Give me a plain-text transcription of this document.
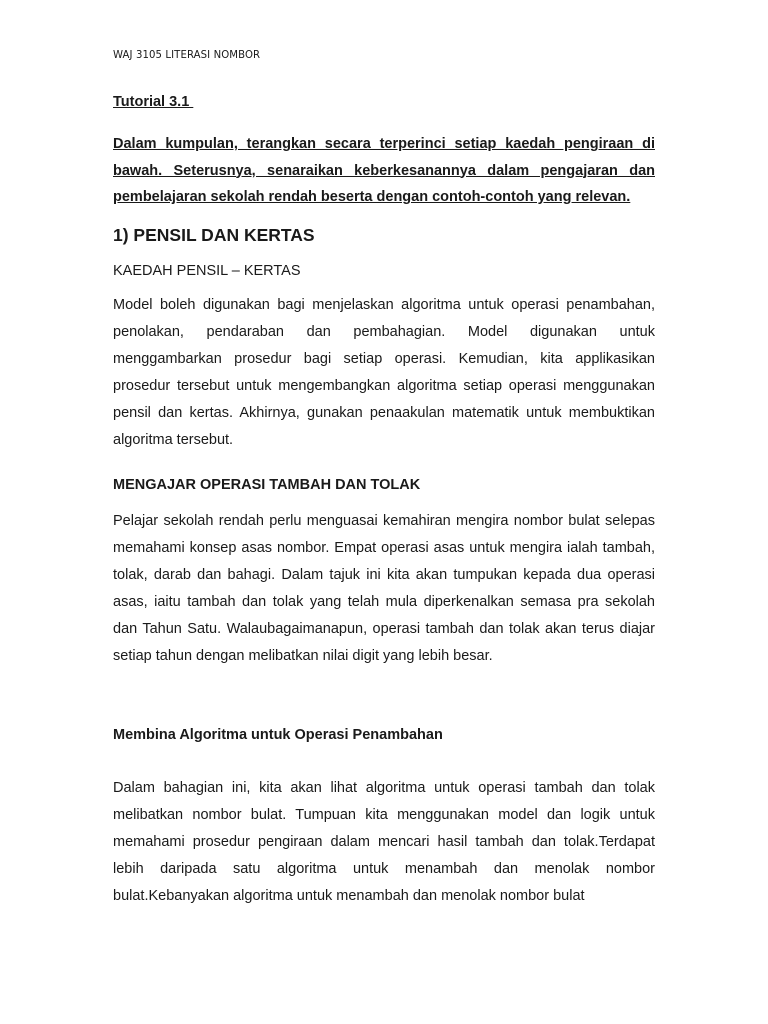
WAJ 3105 LITERASI NOMBOR
Tutorial 3.1
Dalam kumpulan, terangkan secara terperinci setiap kaedah pengiraan di bawah. Seterusnya, senaraikan keberkesanannya dalam pengajaran dan pembelajaran sekolah rendah beserta dengan contoh-contoh yang relevan.
1) PENSIL DAN KERTAS
KAEDAH PENSIL – KERTAS
Model boleh digunakan bagi menjelaskan algoritma untuk operasi penambahan, penolakan, pendaraban dan pembahagian. Model digunakan untuk menggambarkan prosedur bagi setiap operasi. Kemudian, kita applikasikan prosedur tersebut untuk mengembangkan algoritma setiap operasi menggunakan pensil dan kertas. Akhirnya, gunakan penaakulan matematik untuk membuktikan algoritma tersebut.
MENGAJAR OPERASI TAMBAH DAN TOLAK
Pelajar sekolah rendah perlu menguasai kemahiran mengira nombor bulat selepas memahami konsep asas nombor. Empat operasi asas untuk mengira ialah tambah, tolak, darab dan bahagi. Dalam tajuk ini kita akan tumpukan kepada dua operasi asas, iaitu tambah dan tolak yang telah mula diperkenalkan semasa pra sekolah dan Tahun Satu. Walaubagaimanapun, operasi tambah dan tolak akan terus diajar setiap tahun dengan melibatkan nilai digit yang lebih besar.
Membina Algoritma untuk Operasi Penambahan
Dalam bahagian ini, kita akan lihat algoritma untuk operasi tambah dan tolak melibatkan nombor bulat. Tumpuan kita menggunakan model dan logik untuk memahami prosedur pengiraan dalam mencari hasil tambah dan tolak.Terdapat lebih daripada satu algoritma untuk menambah dan menolak nombor bulat.Kebanyakan algoritma untuk menambah dan menolak nombor bulat
